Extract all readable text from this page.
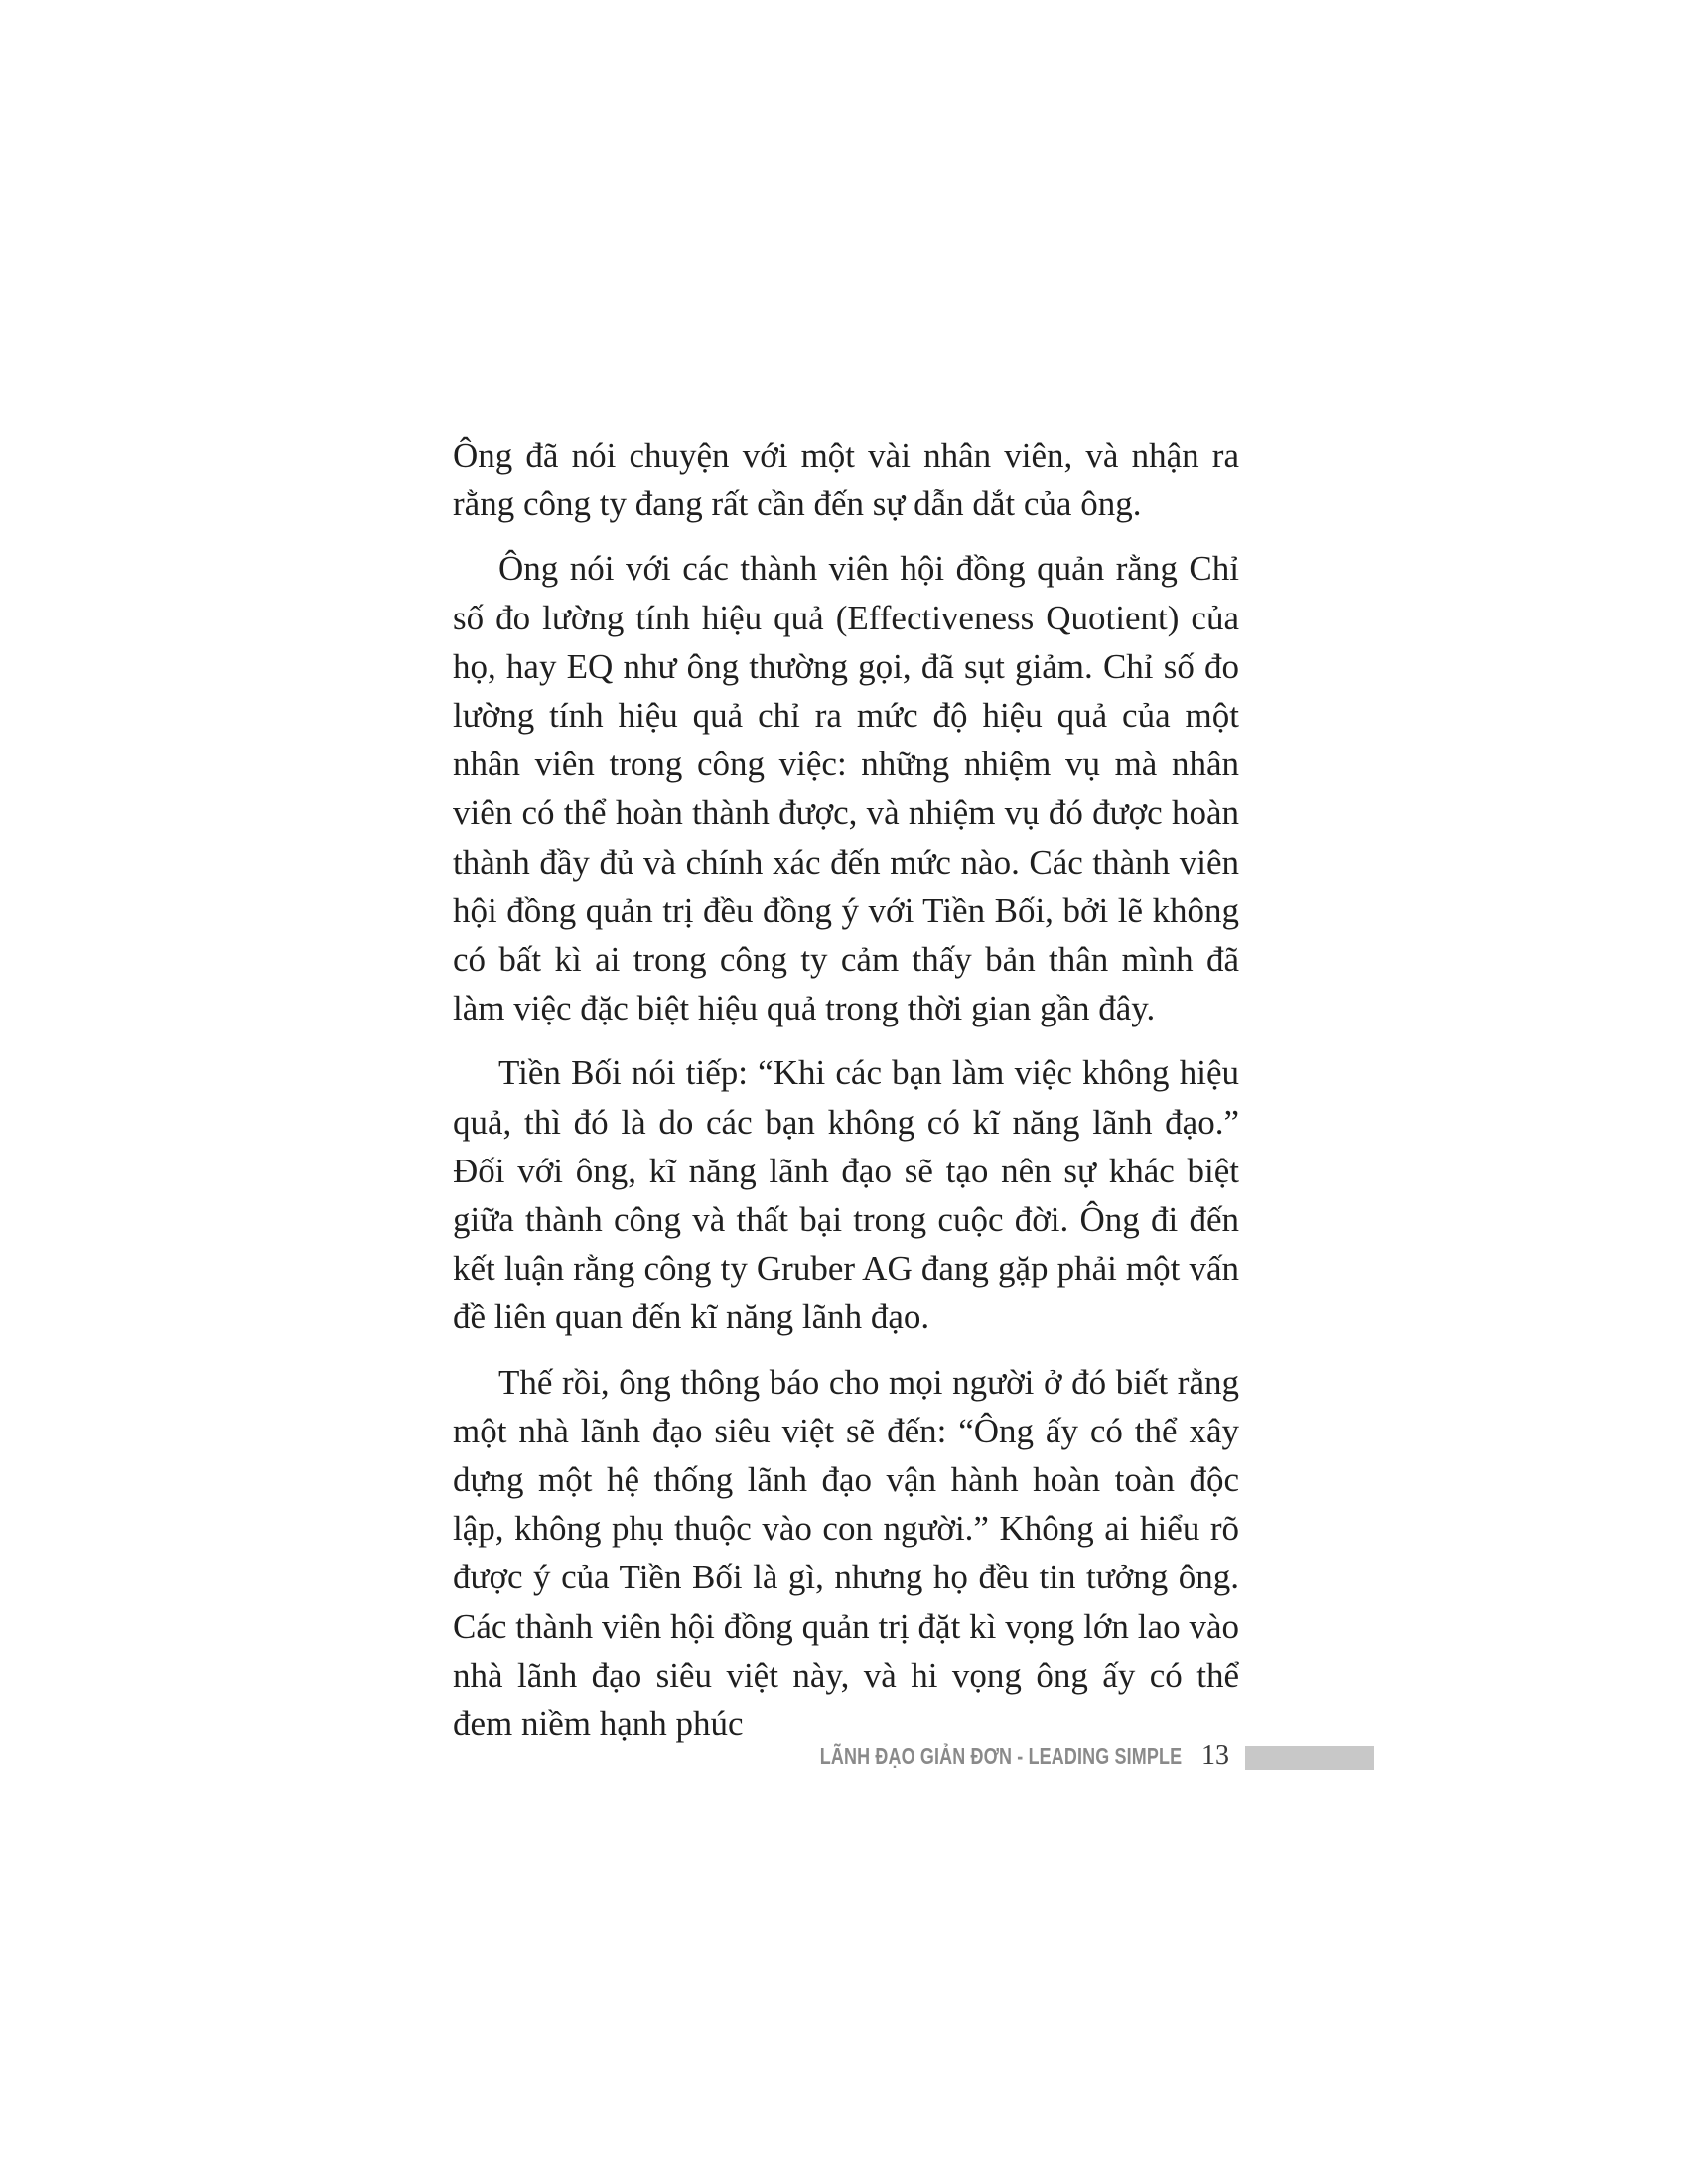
Ông đã nói chuyện với một vài nhân viên, và nhận ra rằng công ty đang rất cần đến sự dẫn dắt của ông.

Ông nói với các thành viên hội đồng quản rằng Chỉ số đo lường tính hiệu quả (Effectiveness Quotient) của họ, hay EQ như ông thường gọi, đã sụt giảm. Chỉ số đo lường tính hiệu quả chỉ ra mức độ hiệu quả của một nhân viên trong công việc: những nhiệm vụ mà nhân viên có thể hoàn thành được, và nhiệm vụ đó được hoàn thành đầy đủ và chính xác đến mức nào. Các thành viên hội đồng quản trị đều đồng ý với Tiền Bối, bởi lẽ không có bất kì ai trong công ty cảm thấy bản thân mình đã làm việc đặc biệt hiệu quả trong thời gian gần đây.

Tiền Bối nói tiếp: “Khi các bạn làm việc không hiệu quả, thì đó là do các bạn không có kĩ năng lãnh đạo.” Đối với ông, kĩ năng lãnh đạo sẽ tạo nên sự khác biệt giữa thành công và thất bại trong cuộc đời. Ông đi đến kết luận rằng công ty Gruber AG đang gặp phải một vấn đề liên quan đến kĩ năng lãnh đạo.

Thế rồi, ông thông báo cho mọi người ở đó biết rằng một nhà lãnh đạo siêu việt sẽ đến: “Ông ấy có thể xây dựng một hệ thống lãnh đạo vận hành hoàn toàn độc lập, không phụ thuộc vào con người.” Không ai hiểu rõ được ý của Tiền Bối là gì, nhưng họ đều tin tưởng ông. Các thành viên hội đồng quản trị đặt kì vọng lớn lao vào nhà lãnh đạo siêu việt này, và hi vọng ông ấy có thể đem niềm hạnh phúc

LÃNH ĐẠO GIẢN ĐƠN - LEADING SIMPLE 13
